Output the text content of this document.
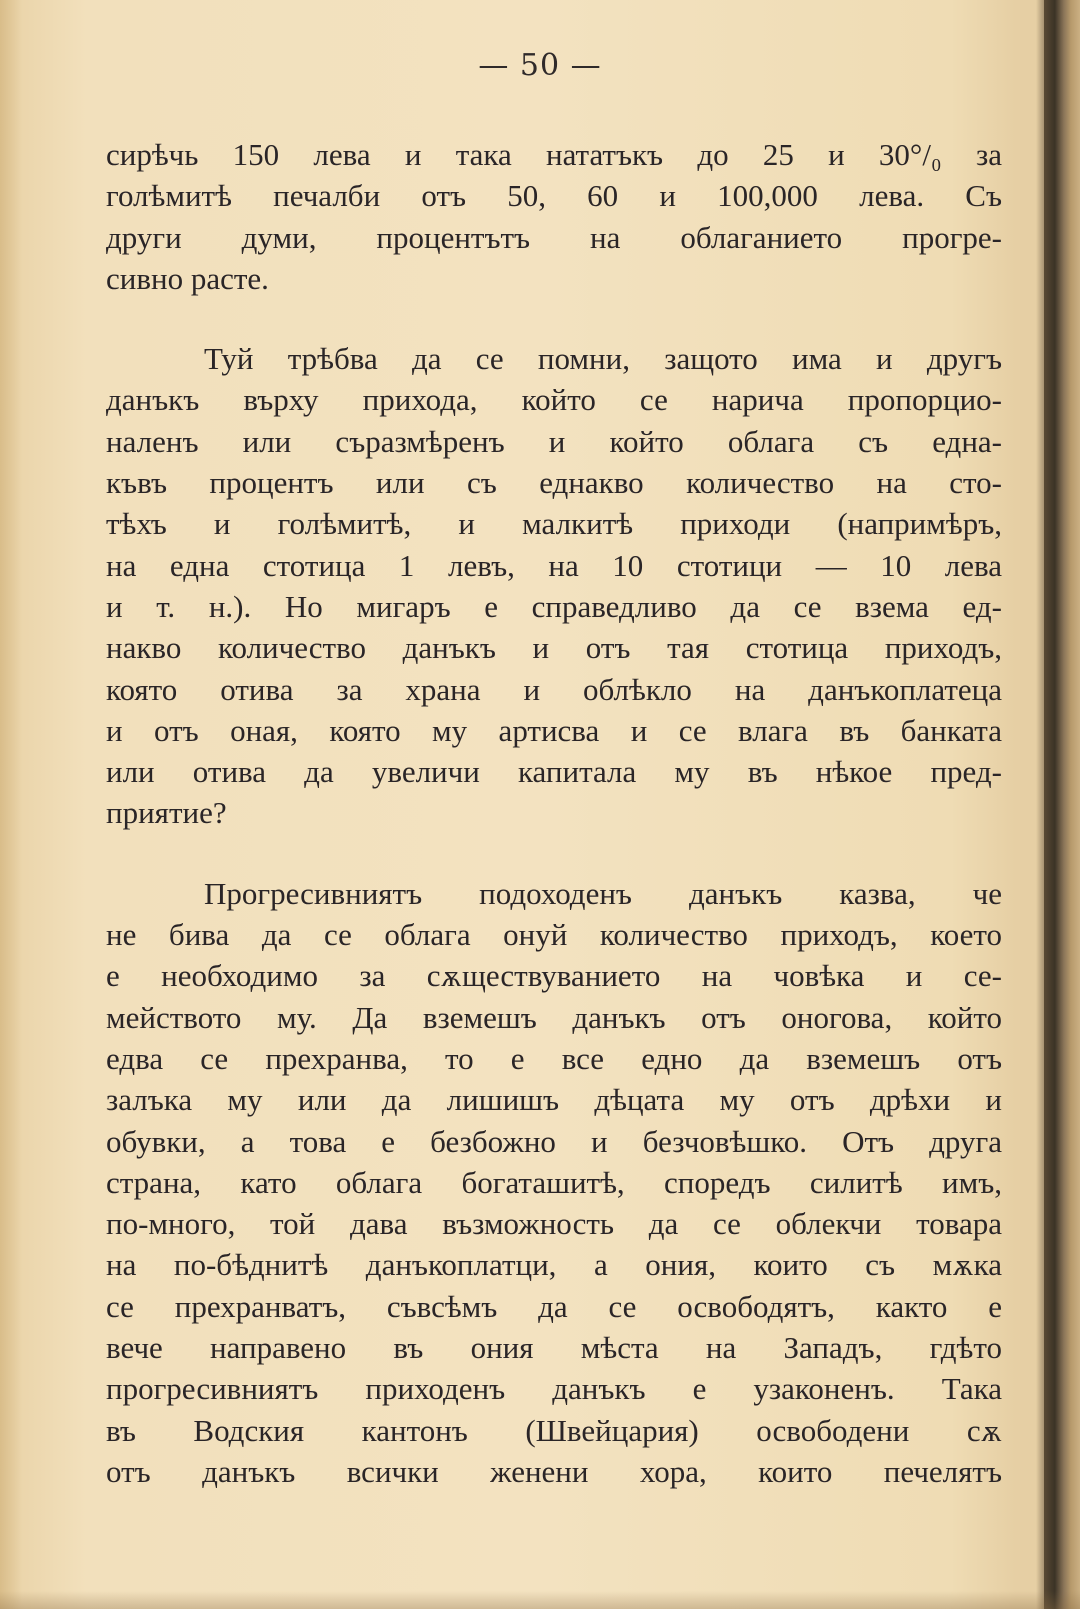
— 50 —
сирѣчь 150 лева и така нататъкъ до 25 и 30°/₀ за
голѣмитѣ печалби отъ 50, 60 и 100,000 лева. Съ
други думи, процентътъ на облаганието прогре-
сивно расте.
Туй трѣбва да се помни, защото има и другъ
данъкъ върху прихода, който се нарича пропорцио-
наленъ или съразмѣренъ и който облага съ една-
къвъ процентъ или съ еднакво количество на сто-
тѣхъ и голѣмитѣ, и малкитѣ приходи (напримѣръ,
на една стотица 1 левъ, на 10 стотици — 10 лева
и т. н.). Но мигаръ е справедливо да се взема ед-
накво количество данъкъ и отъ тая стотица приходъ,
която отива за храна и облѣкло на данъкоплатеца
и отъ оная, която му артисва и се влага въ банката
или отива да увеличи капитала му въ нѣкое пред-
приятие?
Прогресивниятъ подоходенъ данъкъ казва, че
не бива да се облага онуй количество приходъ, което
е необходимо за сѫществуванието на човѣка и се-
мейството му. Да вземешъ данъкъ отъ оногова, който
едва се прехранва, то е все едно да вземешъ отъ
залъка му или да лишишъ дѣцата му отъ дрѣхи и
обувки, а това е безбожно и безчовѣшко. Отъ друга
страна, като облага богаташитѣ, споредъ силитѣ имъ,
по-много, той дава възможность да се облекчи товара
на по-бѣднитѣ данъкоплатци, а ония, които съ мѫка
се прехранватъ, съвсѣмъ да се освободятъ, както е
вече направено въ ония мѣста на Западъ, гдѣто
прогресивниятъ приходенъ данъкъ е узаконенъ. Така
въ Водския кантонъ (Швейцария) освободени сѫ
отъ данъкъ всички женени хора, които печелятъ
